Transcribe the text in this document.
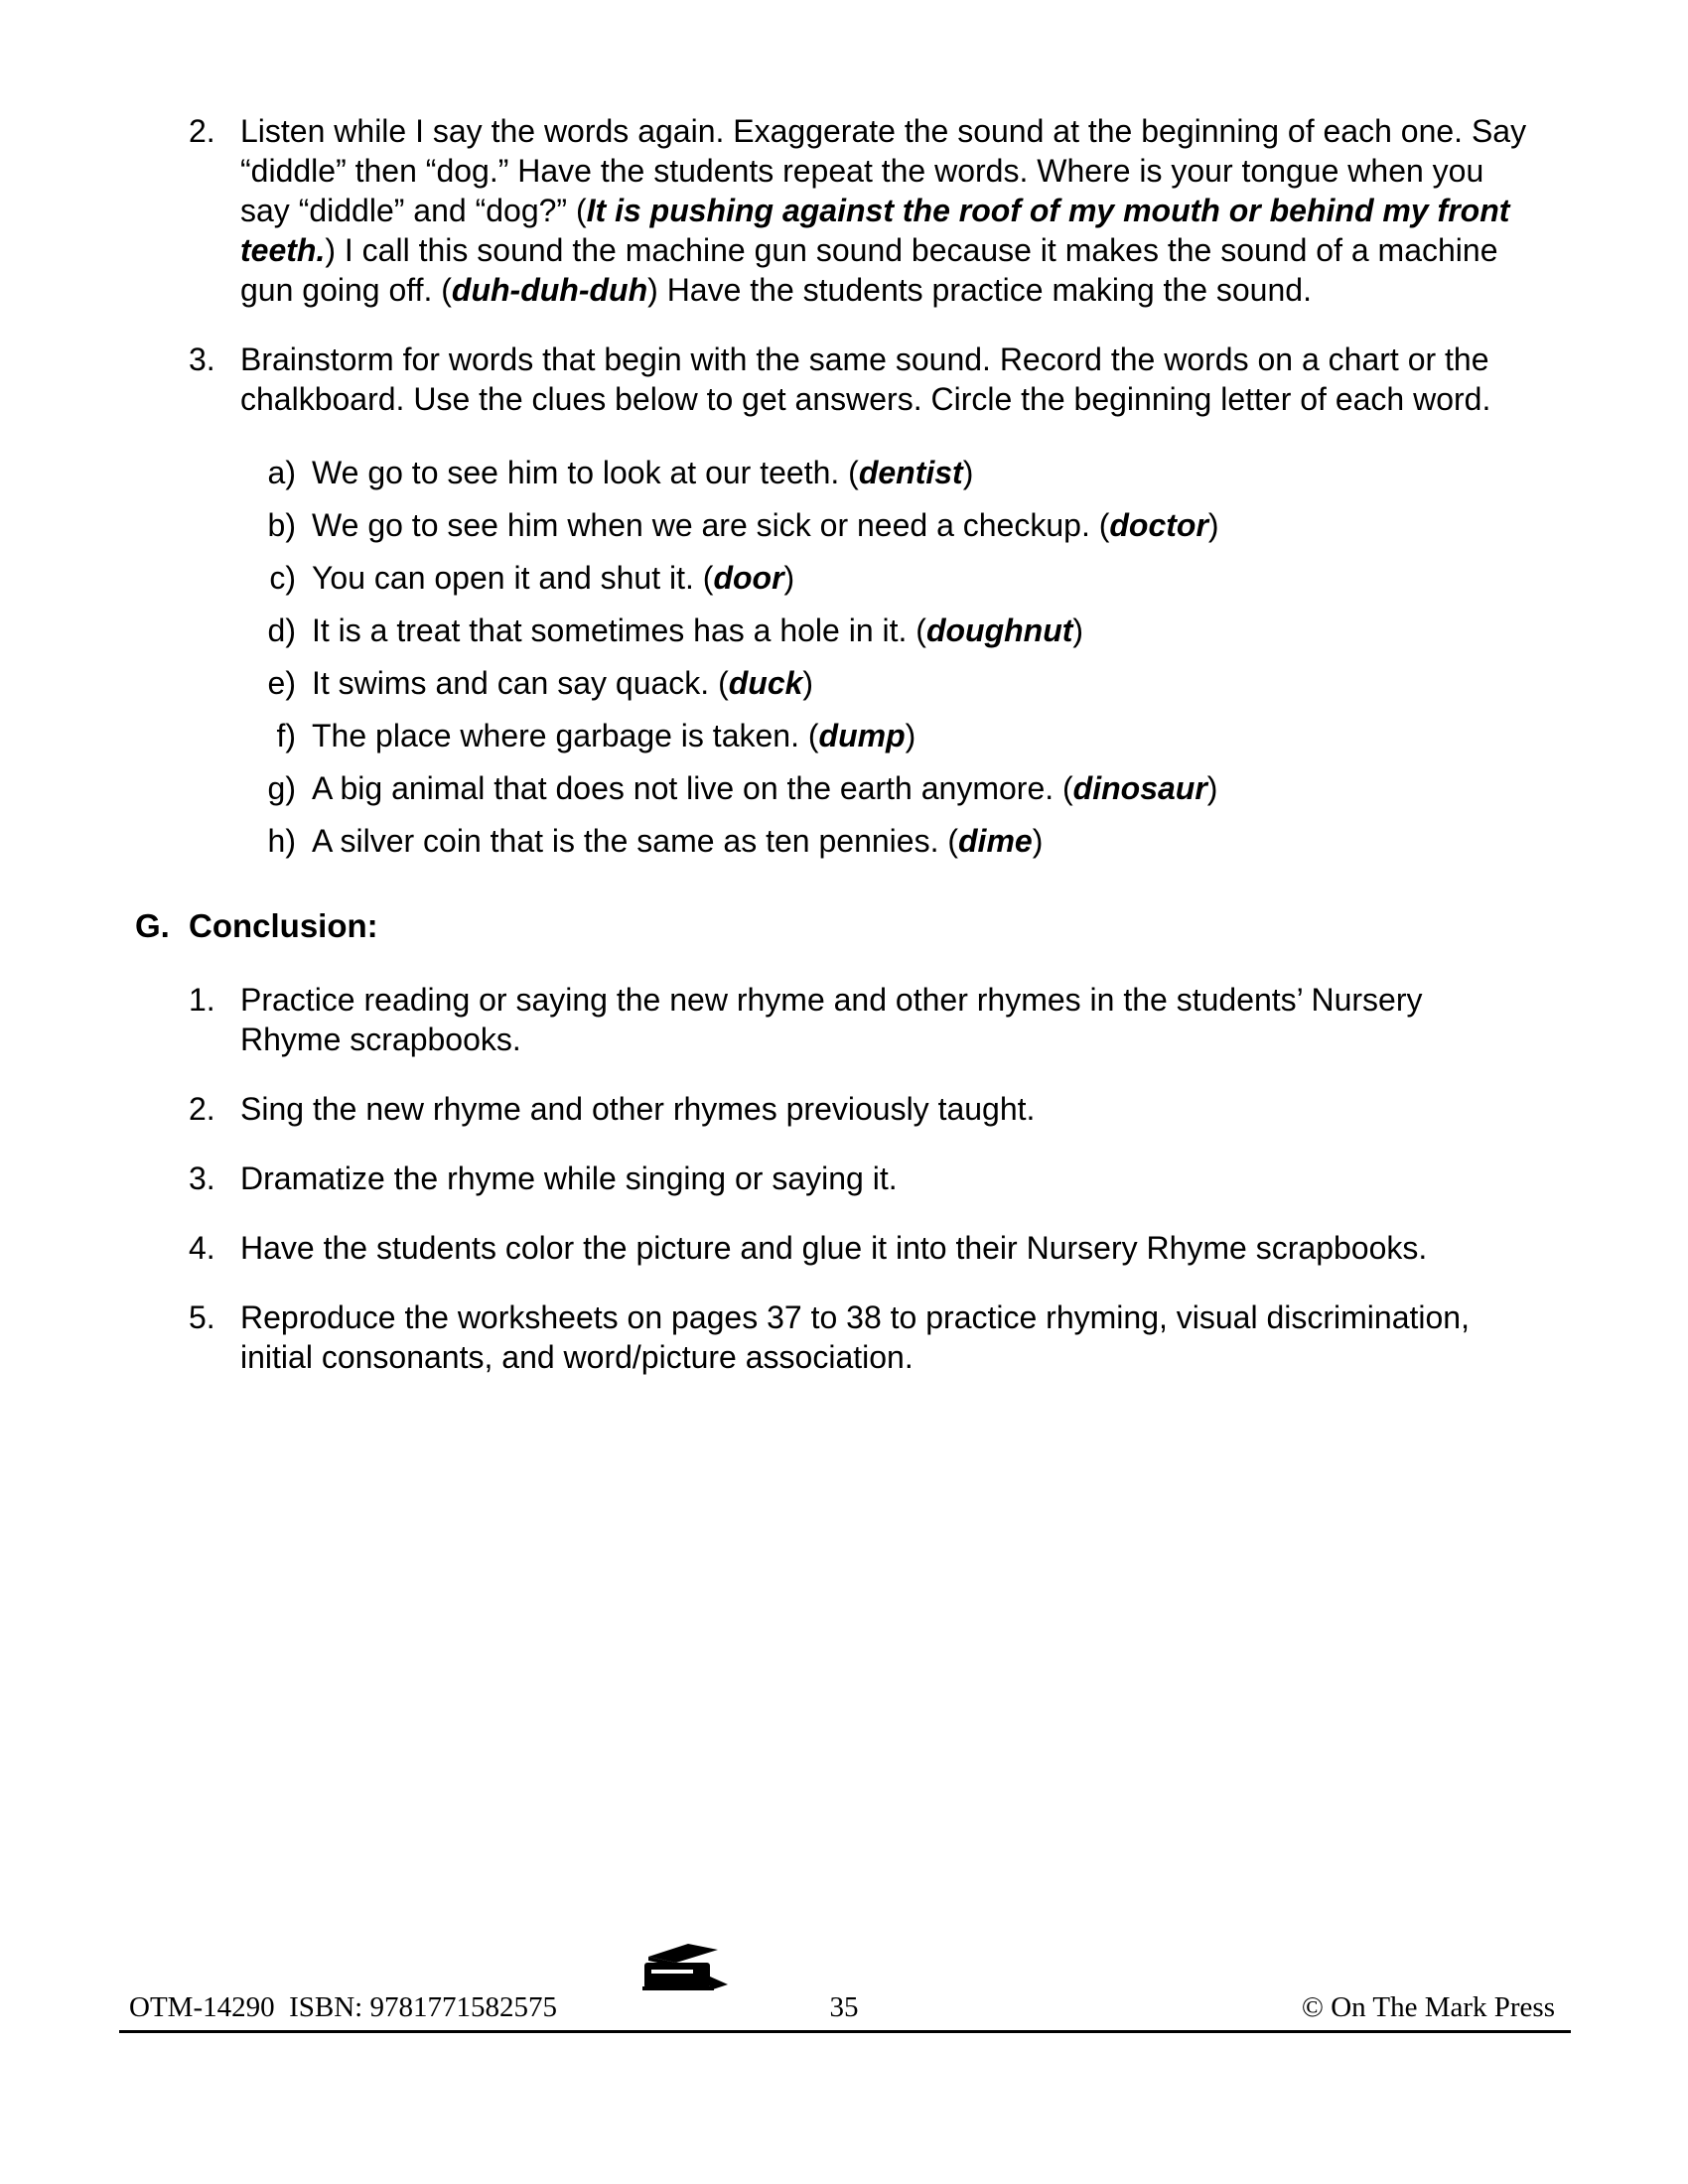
2. Listen while I say the words again. Exaggerate the sound at the beginning of each one. Say “diddle” then “dog.” Have the students repeat the words. Where is your tongue when you say “diddle” and “dog?” (It is pushing against the roof of my mouth or behind my front teeth.) I call this sound the machine gun sound because it makes the sound of a machine gun going off. (duh-duh-duh) Have the students practice making the sound.
3. Brainstorm for words that begin with the same sound. Record the words on a chart or the chalkboard. Use the clues below to get answers. Circle the beginning letter of each word.
a) We go to see him to look at our teeth. (dentist)
b) We go to see him when we are sick or need a checkup. (doctor)
c) You can open it and shut it. (door)
d) It is a treat that sometimes has a hole in it. (doughnut)
e) It swims and can say quack. (duck)
f) The place where garbage is taken. (dump)
g) A big animal that does not live on the earth anymore. (dinosaur)
h) A silver coin that is the same as ten pennies. (dime)
G. Conclusion:
1. Practice reading or saying the new rhyme and other rhymes in the students’ Nursery Rhyme scrapbooks.
2. Sing the new rhyme and other rhymes previously taught.
3. Dramatize the rhyme while singing or saying it.
4. Have the students color the picture and glue it into their Nursery Rhyme scrapbooks.
5. Reproduce the worksheets on pages 37 to 38 to practice rhyming, visual discrimination, initial consonants, and word/picture association.
OTM-14290  ISBN: 9781771582575

	35	© On The Mark Press
